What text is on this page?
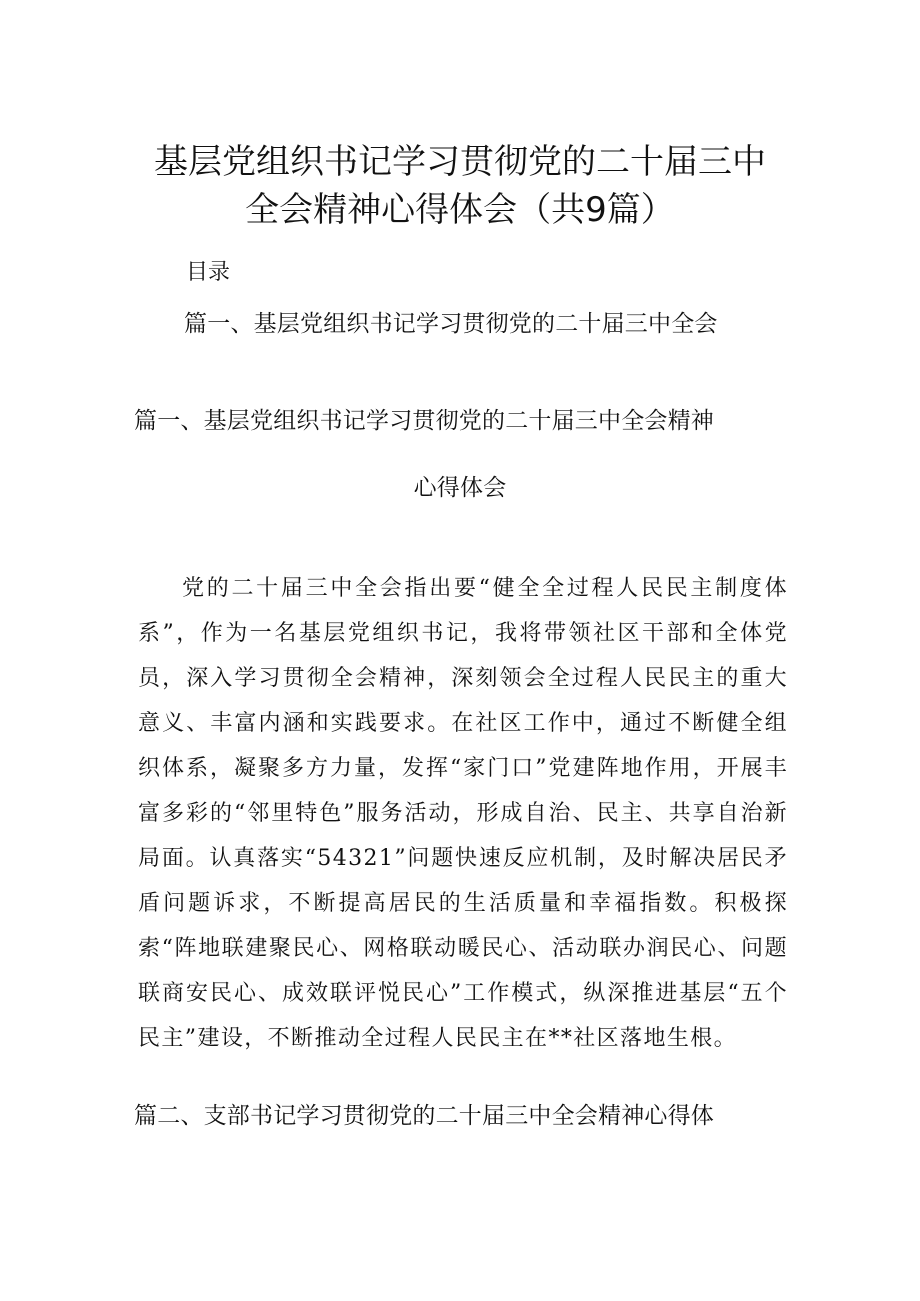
基层党组织书记学习贯彻党的二十届三中
全会精神心得体会（共9篇）
目录
篇一、基层党组织书记学习贯彻党的二十届三中全会
篇一、基层党组织书记学习贯彻党的二十届三中全会精神
心得体会

党的二十届三中全会指出要“健全全过程人民民主制度体系”，作为一名基层党组织书记，我将带领社区干部和全体党员，深入学习贯彻全会精神，深刻领会全过程人民民主的重大意义、丰富内涵和实践要求。在社区工作中，通过不断健全组织体系，凝聚多方力量，发挥“家门口”党建阵地作用，开展丰富多彩的“邻里特色”服务活动，形成自治、民主、共享自治新局面。认真落实“54321”问题快速反应机制，及时解决居民矛盾问题诉求，不断提高居民的生活质量和幸福指数。积极探索“阵地联建聚民心、网格联动暖民心、活动联办润民心、问题联商安民心、成效联评悦民心”工作模式，纵深推进基层“五个民主”建设，不断推动全过程人民民主在**社区落地生根。

篇二、支部书记学习贯彻党的二十届三中全会精神心得体
